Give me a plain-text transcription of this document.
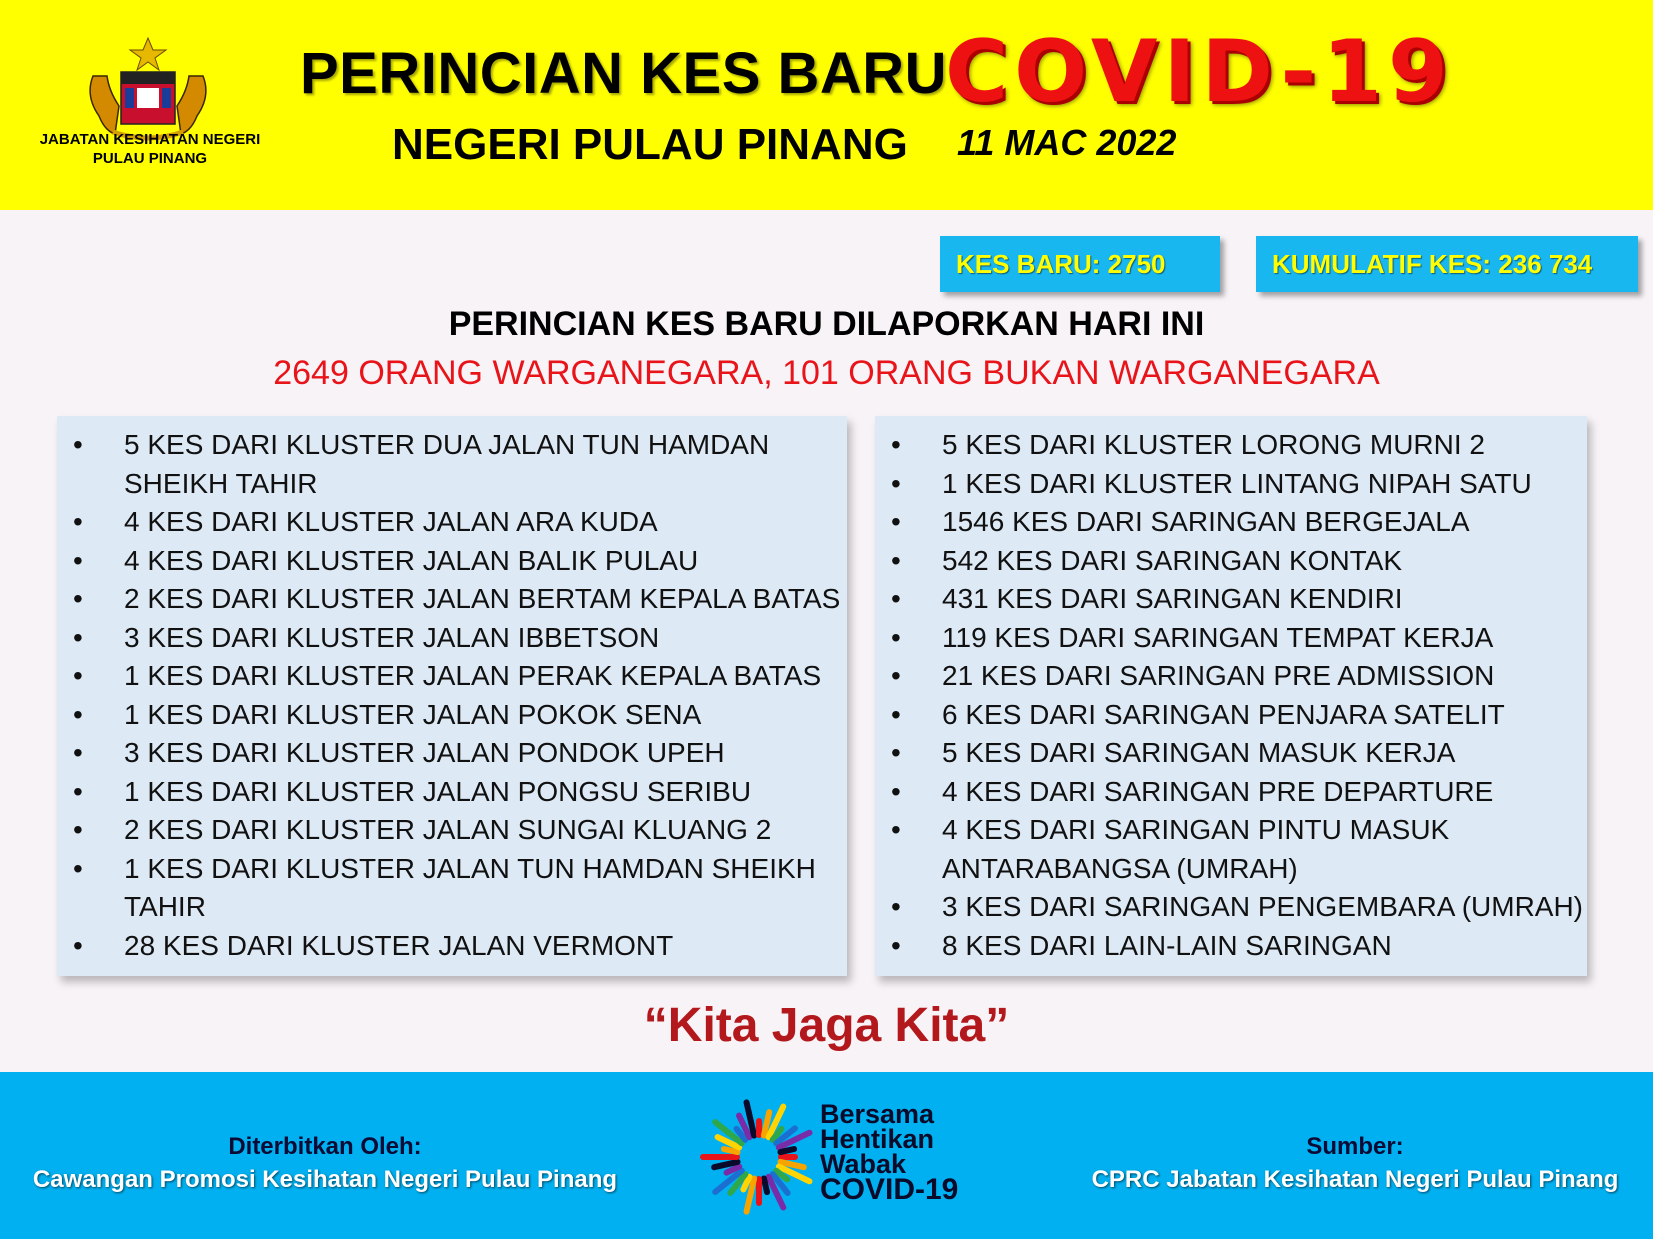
JABATAN KESIHATAN NEGERI PULAU PINANG
PERINCIAN KES BARU
COVID-19
NEGERI PULAU PINANG 11 MAC 2022
KES BARU: 2750	KUMULATIF KES: 236 734
PERINCIAN KES BARU DILAPORKAN HARI INI
2649 ORANG WARGANEGARA, 101 ORANG BUKAN WARGANEGARA
• 5 KES DARI KLUSTER DUA JALAN TUN HAMDAN
SHEIKH TAHIR
• 4 KES DARI KLUSTER JALAN ARA KUDA
• 4 KES DARI KLUSTER JALAN BALIK PULAU
• 2 KES DARI KLUSTER JALAN BERTAM KEPALA BATAS
• 3 KES DARI KLUSTER JALAN IBBETSON
• 1 KES DARI KLUSTER JALAN PERAK KEPALA BATAS
• 1 KES DARI KLUSTER JALAN POKOK SENA
• 3 KES DARI KLUSTER JALAN PONDOK UPEH
• 1 KES DARI KLUSTER JALAN PONGSU SERIBU
• 2 KES DARI KLUSTER JALAN SUNGAI KLUANG 2
• 1 KES DARI KLUSTER JALAN TUN HAMDAN SHEIKH
TAHIR
• 28 KES DARI KLUSTER JALAN VERMONT
• 5 KES DARI KLUSTER LORONG MURNI 2
• 1 KES DARI KLUSTER LINTANG NIPAH SATU
• 1546 KES DARI SARINGAN BERGEJALA
• 542 KES DARI SARINGAN KONTAK
• 431 KES DARI SARINGAN KENDIRI
• 119 KES DARI SARINGAN TEMPAT KERJA
• 21 KES DARI SARINGAN PRE ADMISSION
• 6 KES DARI SARINGAN PENJARA SATELIT
• 5 KES DARI SARINGAN MASUK KERJA
• 4 KES DARI SARINGAN PRE DEPARTURE
• 4 KES DARI SARINGAN PINTU MASUK
ANTARABANGSA (UMRAH)
• 3 KES DARI SARINGAN PENGEMBARA (UMRAH)
• 8 KES DARI LAIN-LAIN SARINGAN
“Kita Jaga Kita”
Diterbitkan Oleh:
Cawangan Promosi Kesihatan Negeri Pulau Pinang
Bersama
Hentikan
Wabak
COVID-19
Sumber:
CPRC Jabatan Kesihatan Negeri Pulau Pinang
